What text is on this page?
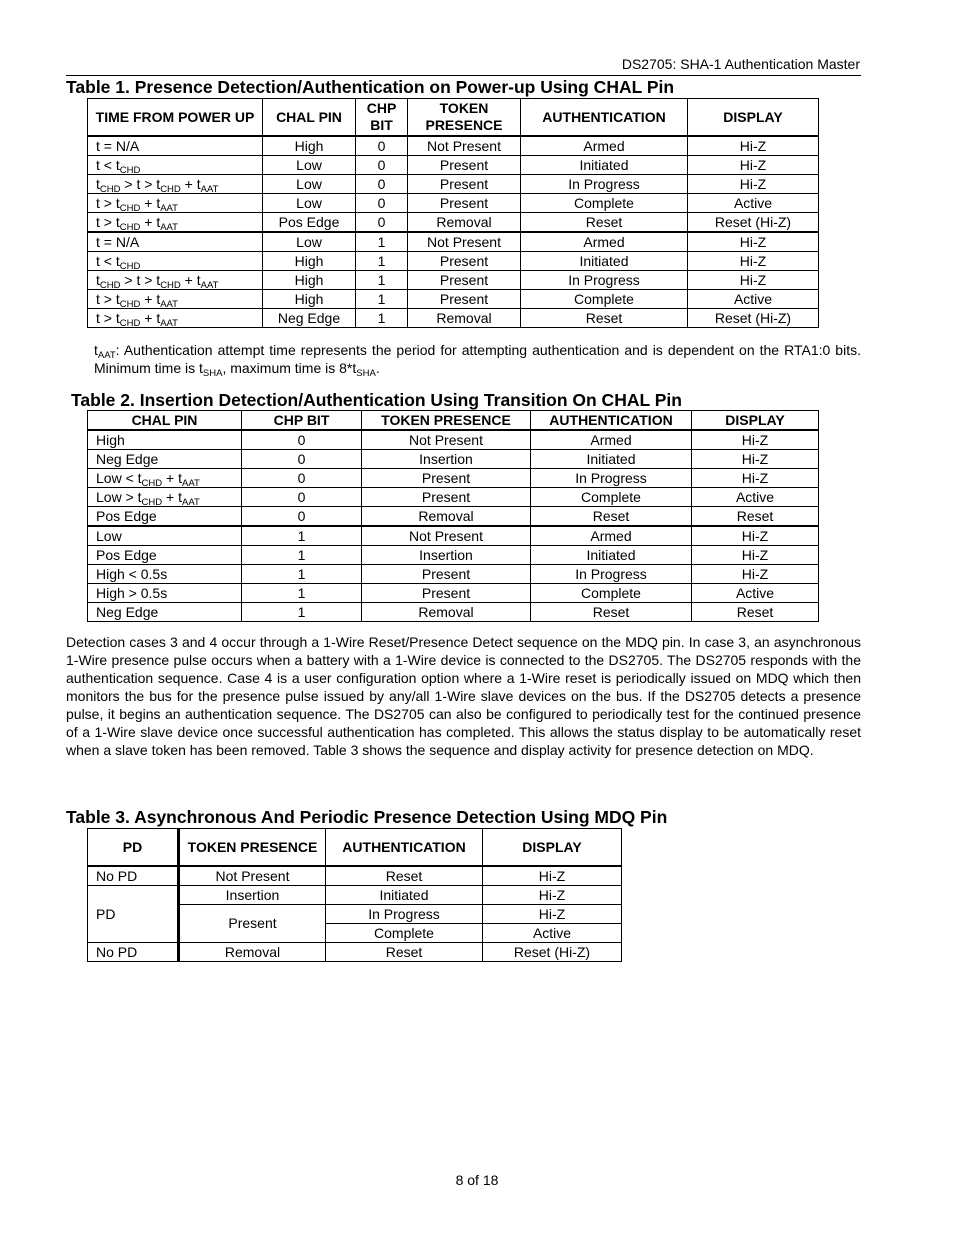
DS2705: SHA-1 Authentication Master
Table 1. Presence Detection/Authentication on Power-up Using CHAL Pin
TIME FROM POWER UP	CHAL PIN	CHP BIT	TOKEN PRESENCE	AUTHENTICATION	DISPLAY
t = N/A	High	0	Not Present	Armed	Hi-Z
$t < t_{CHD}$	Low	0	Present	Initiated	Hi-Z
$t_{CHD} > t > t_{CHD} + t_{AAT}$	Low	0	Present	In Progress	Hi-Z
$t > t_{CHD} + t_{AAT}$	Low	0	Present	Complete	Active
$t > t_{CHD} + t_{AAT}$	Pos Edge	0	Removal	Reset	Reset (Hi-Z)
t = N/A	Low	1	Not Present	Armed	Hi-Z
$t < t_{CHD}$	High	1	Present	Initiated	Hi-Z
$t_{CHD} > t > t_{CHD} + t_{AAT}$	High	1	Present	In Progress	Hi-Z
$t > t_{CHD} + t_{AAT}$	High	1	Present	Complete	Active
$t > t_{CHD} + t_{AAT}$	Neg Edge	1	Removal	Reset	Reset (Hi-Z)
$t_{AAT}$: Authentication attempt time represents the period for attempting authentication and is dependent on the RTA1:0 bits. Minimum time is $t_{SHA}$, maximum time is $8*t_{SHA}$.
Table 2. Insertion Detection/Authentication Using Transition On CHAL Pin
CHAL PIN	CHP BIT	TOKEN PRESENCE	AUTHENTICATION	DISPLAY
High	0	Not Present	Armed	Hi-Z
Neg Edge	0	Insertion	Initiated	Hi-Z
Low < $t_{CHD} + t_{AAT}$	0	Present	In Progress	Hi-Z
Low > $t_{CHD} + t_{AAT}$	0	Present	Complete	Active
Pos Edge	0	Removal	Reset	Reset
Low	1	Not Present	Armed	Hi-Z
Pos Edge	1	Insertion	Initiated	Hi-Z
High < 0.5s	1	Present	In Progress	Hi-Z
High > 0.5s	1	Present	Complete	Active
Neg Edge	1	Removal	Reset	Reset
Detection cases 3 and 4 occur through a 1-Wire Reset/Presence Detect sequence on the MDQ pin. In case 3, an asynchronous 1-Wire presence pulse occurs when a battery with a 1-Wire device is connected to the DS2705. The DS2705 responds with the authentication sequence. Case 4 is a user configuration option where a 1-Wire reset is periodically issued on MDQ which then monitors the bus for the presence pulse issued by any/all 1-Wire slave devices on the bus. If the DS2705 detects a presence pulse, it begins an authentication sequence. The DS2705 can also be configured to periodically test for the continued presence of a 1-Wire slave device once successful authentication has completed. This allows the status display to be automatically reset when a slave token has been removed. Table 3 shows the sequence and display activity for presence detection on MDQ.
Table 3. Asynchronous And Periodic Presence Detection Using MDQ Pin
PD	TOKEN PRESENCE	AUTHENTICATION	DISPLAY
No PD	Not Present	Reset	Hi-Z
PD	Insertion	Initiated	Hi-Z
	Present	In Progress	Hi-Z
		Complete	Active
No PD	Removal	Reset	Reset (Hi-Z)
8 of 18
